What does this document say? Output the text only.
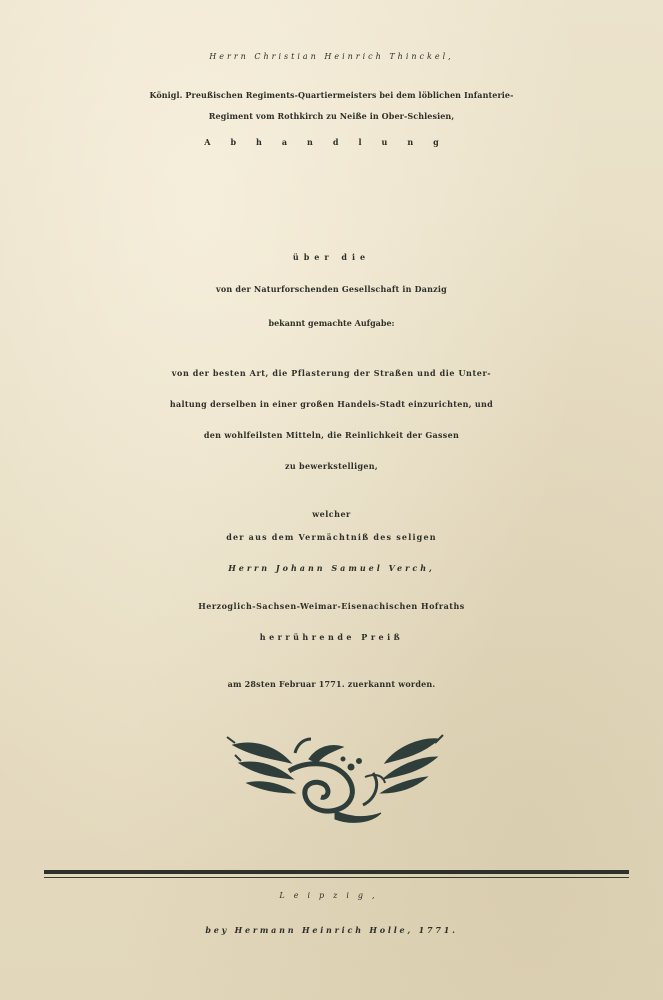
Herrn Christian Heinrich Thinckel,
Königl. Preußischen Regiments-Quartiermeisters bei dem löblichen Infanterie-
Regiment vom Rothkirch zu Neiße in Ober-Schlesien,
Abhandlung
über die
von der Naturforschenden Gesellschaft in Danzig
bekannt gemachte Aufgabe:
von der besten Art, die Pflasterung der Straßen und die Unter-
haltung derselben in einer großen Handels-Stadt einzurichten, und
den wohlfeilsten Mitteln, die Reinlichkeit der Gassen
zu bewerkstelligen,
welcher
der aus dem Vermächtniß des seligen
Herrn Johann Samuel Verch,
Herzoglich-Sachsen-Weimar-Eisenachischen Hofraths
herrührende Preiß
am 28sten Februar 1771. zuerkannt worden.
Leipzig,
bey Hermann Heinrich Holle, 1771.
